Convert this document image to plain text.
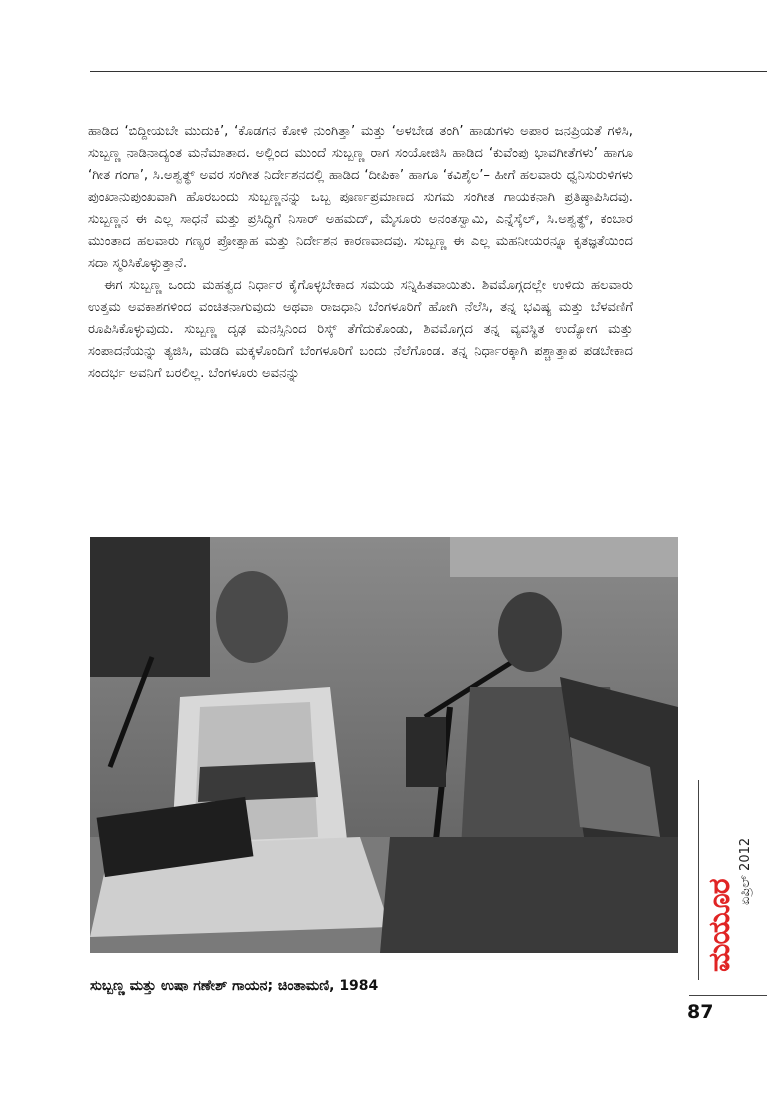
ಹಾಡಿದ ‘ಬಿದ್ದೀಯಬೇ ಮುದುಕಿ’, ‘ಕೊಡಗನ ಕೋಳಿ ನುಂಗಿತ್ತಾ’ ಮತ್ತು ‘ಅಳಬೇಡ ತಂಗಿ’ ಹಾಡುಗಳು ಅಪಾರ ಜನಪ್ರಿಯತೆ ಗಳಿಸಿ, ಸುಬ್ಬಣ್ಣ ನಾಡಿನಾದ್ಯಂತ ಮನೆಮಾತಾದ. ಅಲ್ಲಿಂದ ಮುಂದೆ ಸುಬ್ಬಣ್ಣ ರಾಗ ಸಂಯೋಜಿಸಿ ಹಾಡಿದ ‘ಕುವೆಂಪು ಭಾವಗೀತೆಗಳು’ ಹಾಗೂ ‘ಗೀತ ಗಂಗಾ’, ಸಿ.ಅಶ್ವತ್ಥ್ ಅವರ ಸಂಗೀತ ನಿರ್ದೇಶನದಲ್ಲಿ ಹಾಡಿದ ‘ದೀಪಿಕಾ’ ಹಾಗೂ ‘ಕವಿಶೈಲ’– ಹೀಗೆ ಹಲವಾರು ಧ್ವನಿಸುರುಳಿಗಳು ಪುಂಖಾನುಪುಂಖವಾಗಿ ಹೊರಬಂದು ಸುಬ್ಬಣ್ಣನನ್ನು ಒಬ್ಬ ಪೂರ್ಣಪ್ರಮಾಣದ ಸುಗಮ ಸಂಗೀತ ಗಾಯಕನಾಗಿ ಪ್ರತಿಷ್ಠಾಪಿಸಿದವು. ಸುಬ್ಬಣ್ಣನ ಈ ಎಲ್ಲ ಸಾಧನೆ ಮತ್ತು ಪ್ರಸಿದ್ಧಿಗೆ ನಿಸಾರ್ ಅಹಮದ್, ಮೈಸೂರು ಅನಂತಸ್ವಾಮಿ, ಎನ್ನೆಸ್ಕೆಲ್, ಸಿ.ಅಶ್ವತ್ಥ್, ಕಂಬಾರ ಮುಂತಾದ ಹಲವಾರು ಗಣ್ಯರ ಪ್ರೋತ್ಸಾಹ ಮತ್ತು ನಿರ್ದೇಶನ ಕಾರಣವಾದವು. ಸುಬ್ಬಣ್ಣ ಈ ಎಲ್ಲ ಮಹನೀಯರನ್ನೂ ಕೃತಜ್ಞತೆಯಿಂದ ಸದಾ ಸ್ಮರಿಸಿಕೊಳ್ಳುತ್ತಾನೆ.

ಈಗ ಸುಬ್ಬಣ್ಣ ಒಂದು ಮಹತ್ವದ ನಿರ್ಧಾರ ಕೈಗೊಳ್ಳಬೇಕಾದ ಸಮಯ ಸನ್ನಿಹಿತವಾಯಿತು. ಶಿವಮೊಗ್ಗದಲ್ಲೇ ಉಳಿದು ಹಲವಾರು ಉತ್ತಮ ಅವಕಾಶಗಳಿಂದ ವಂಚಿತನಾಗುವುದು ಅಥವಾ ರಾಜಧಾನಿ ಬೆಂಗಳೂರಿಗೆ ಹೋಗಿ ನೆಲೆಸಿ, ತನ್ನ ಭವಿಷ್ಯ ಮತ್ತು ಬೆಳವಣಿಗೆ ರೂಪಿಸಿಕೊಳ್ಳುವುದು. ಸುಬ್ಬಣ್ಣ ದೃಢ ಮನಸ್ಸಿನಿಂದ ರಿಸ್ಕ್ ತೆಗೆದುಕೊಂಡು, ಶಿವಮೊಗ್ಗದ ತನ್ನ ವ್ಯವಸ್ಥಿತ ಉದ್ಯೋಗ ಮತ್ತು ಸಂಪಾದನೆಯನ್ನು ತ್ಯಜಿಸಿ, ಮಡದಿ ಮಕ್ಕಳೊಂದಿಗೆ ಬೆಂಗಳೂರಿಗೆ ಬಂದು ನೆಲೆಗೊಂಡ. ತನ್ನ ನಿರ್ಧಾರಕ್ಕಾಗಿ ಪಶ್ಚಾತ್ತಾಪ ಪಡಬೇಕಾದ ಸಂದರ್ಭ ಅವನಿಗೆ ಬರಲಿಲ್ಲ. ಬೆಂಗಳೂರು ಅವನನ್ನು

ಸುಬ್ಬಣ್ಣ ಮತ್ತು ಉಷಾ ಗಣೇಶ್ ಗಾಯನ; ಚಿಂತಾಮಣಿ, 1984
ಏಪ್ರಿಲ್ 2012
ಮಯೂರ
87
